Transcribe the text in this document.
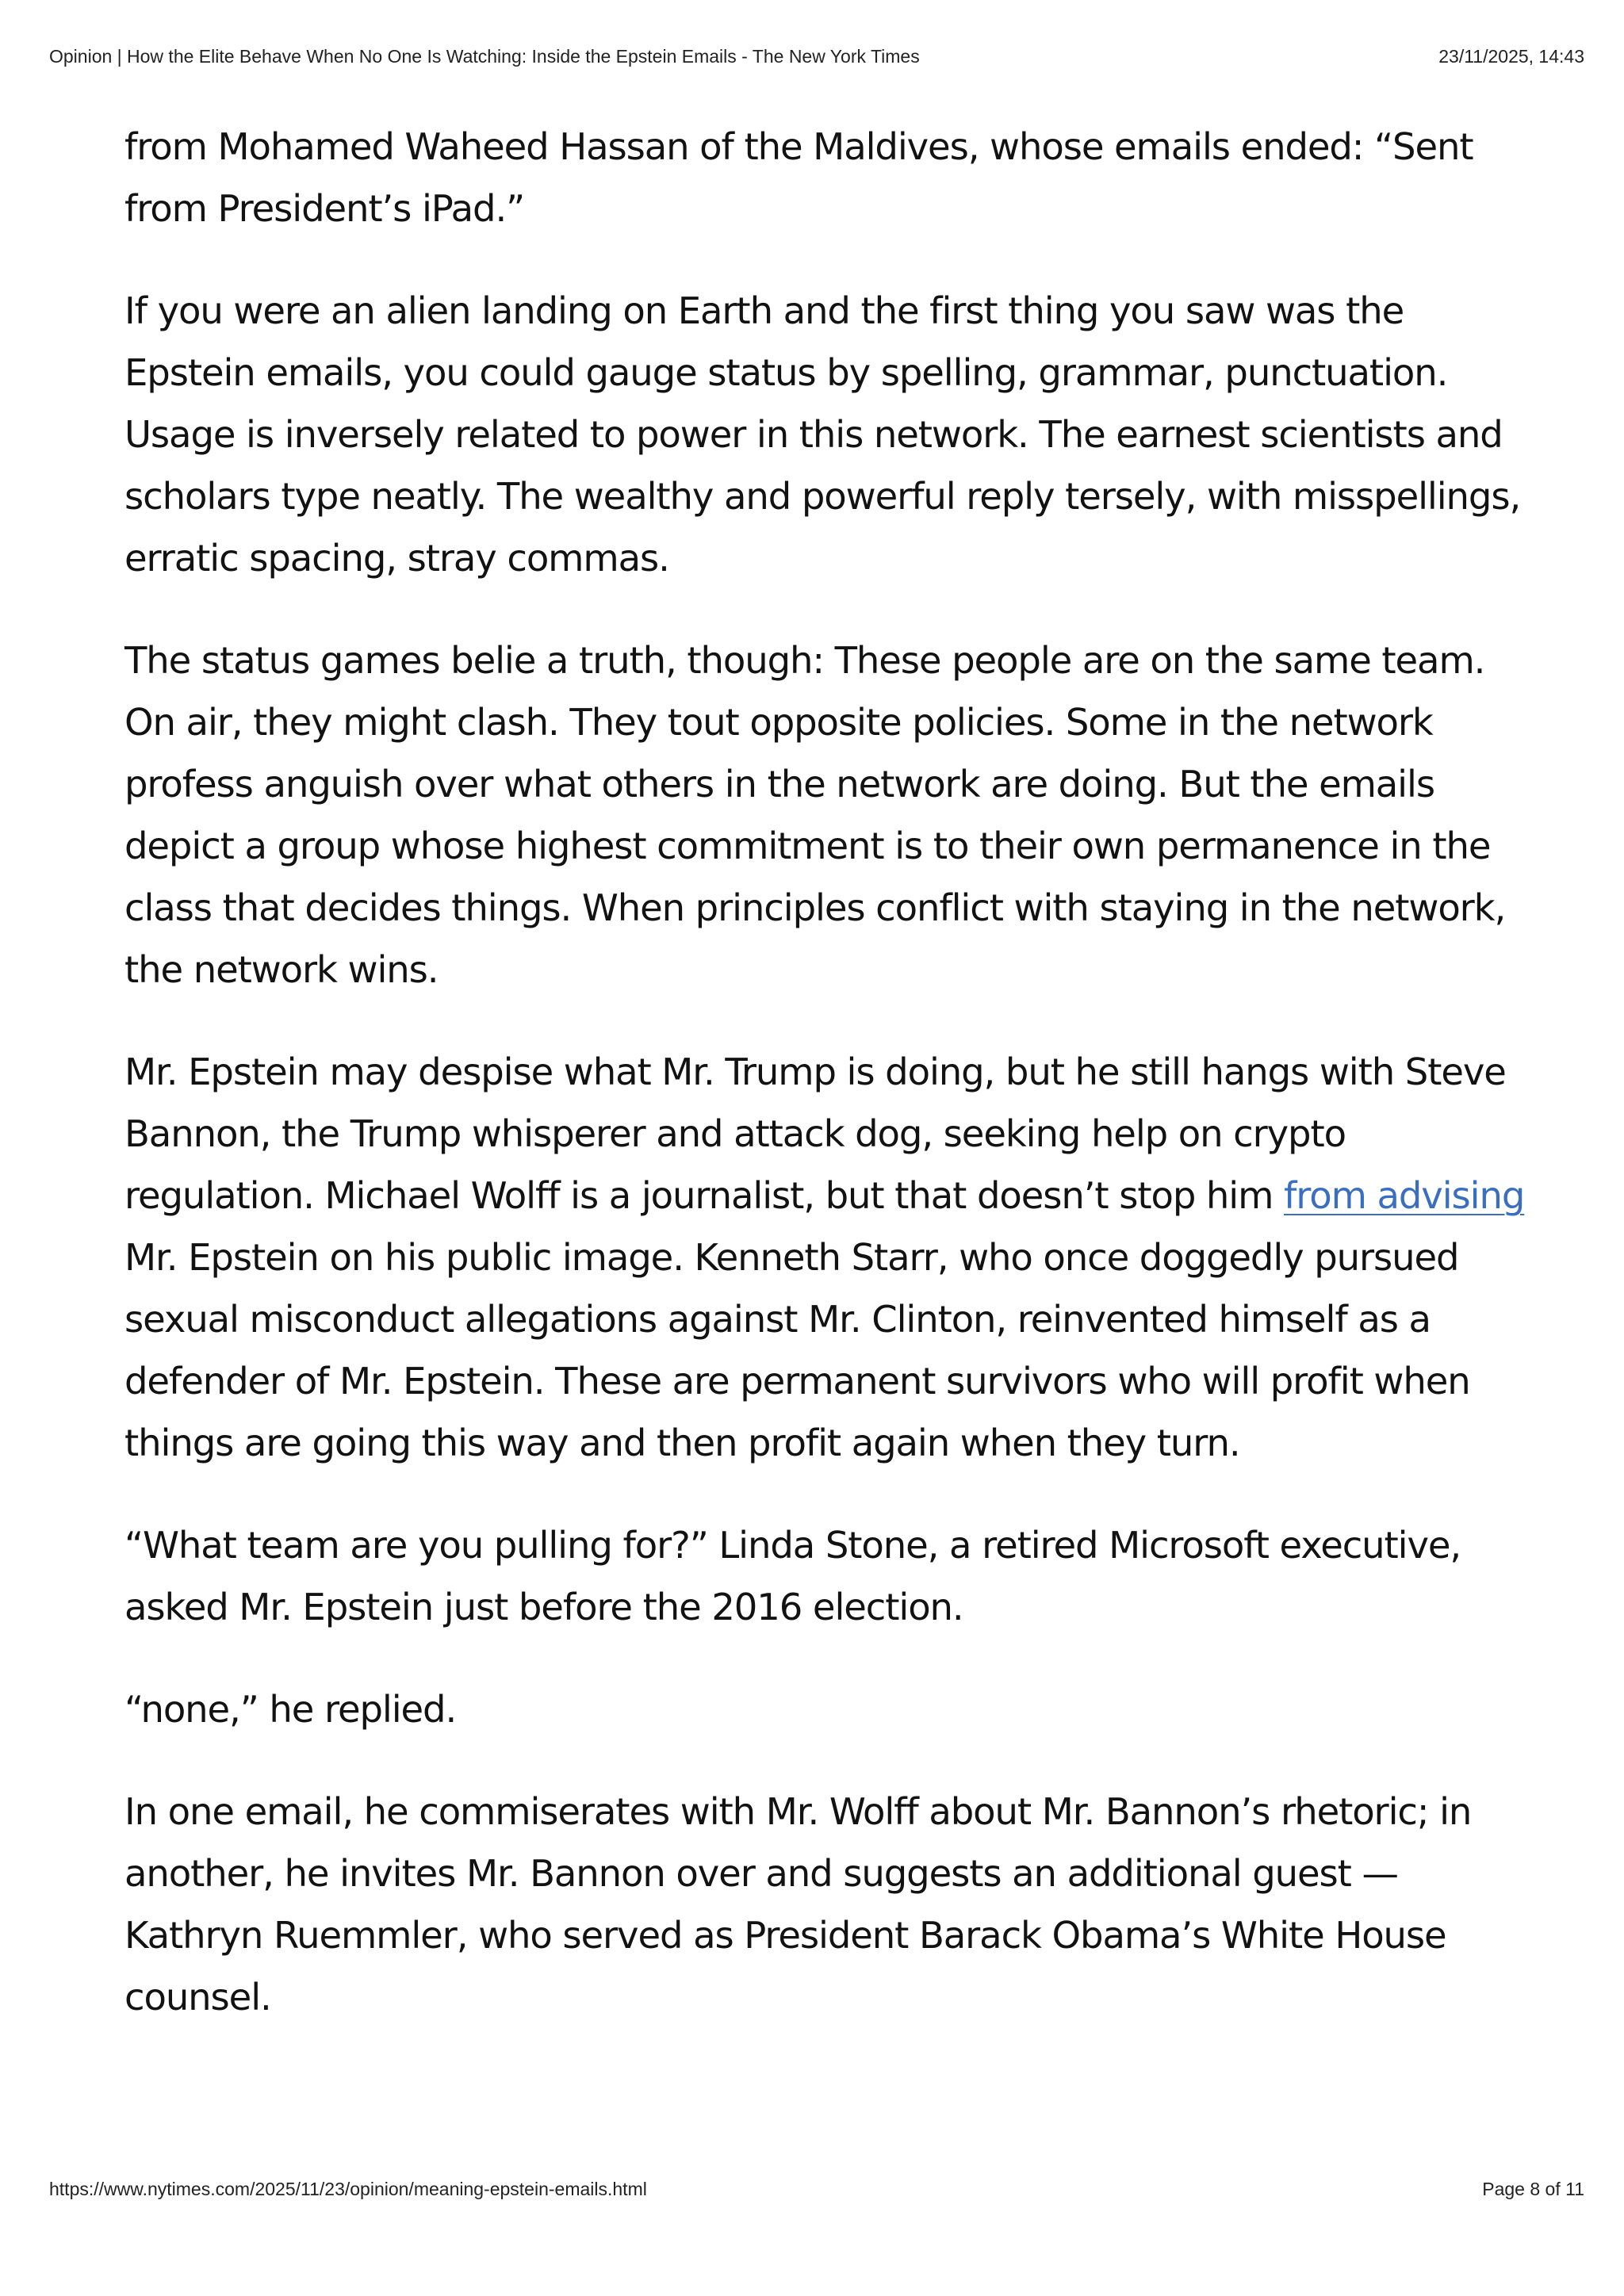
Opinion | How the Elite Behave When No One Is Watching: Inside the Epstein Emails - The New York Times	23/11/2025, 14:43

from Mohamed Waheed Hassan of the Maldives, whose emails ended: “Sent from President’s iPad.”

If you were an alien landing on Earth and the first thing you saw was the Epstein emails, you could gauge status by spelling, grammar, punctuation. Usage is inversely related to power in this network. The earnest scientists and scholars type neatly. The wealthy and powerful reply tersely, with misspellings, erratic spacing, stray commas.

The status games belie a truth, though: These people are on the same team. On air, they might clash. They tout opposite policies. Some in the network profess anguish over what others in the network are doing. But the emails depict a group whose highest commitment is to their own permanence in the class that decides things. When principles conflict with staying in the network, the network wins.

Mr. Epstein may despise what Mr. Trump is doing, but he still hangs with Steve Bannon, the Trump whisperer and attack dog, seeking help on crypto regulation. Michael Wolff is a journalist, but that doesn’t stop him from advising Mr. Epstein on his public image. Kenneth Starr, who once doggedly pursued sexual misconduct allegations against Mr. Clinton, reinvented himself as a defender of Mr. Epstein. These are permanent survivors who will profit when things are going this way and then profit again when they turn.

“What team are you pulling for?” Linda Stone, a retired Microsoft executive, asked Mr. Epstein just before the 2016 election.

“none,” he replied.

In one email, he commiserates with Mr. Wolff about Mr. Bannon’s rhetoric; in another, he invites Mr. Bannon over and suggests an additional guest — Kathryn Ruemmler, who served as President Barack Obama’s White House counsel.

https://www.nytimes.com/2025/11/23/opinion/meaning-epstein-emails.html	Page 8 of 11
